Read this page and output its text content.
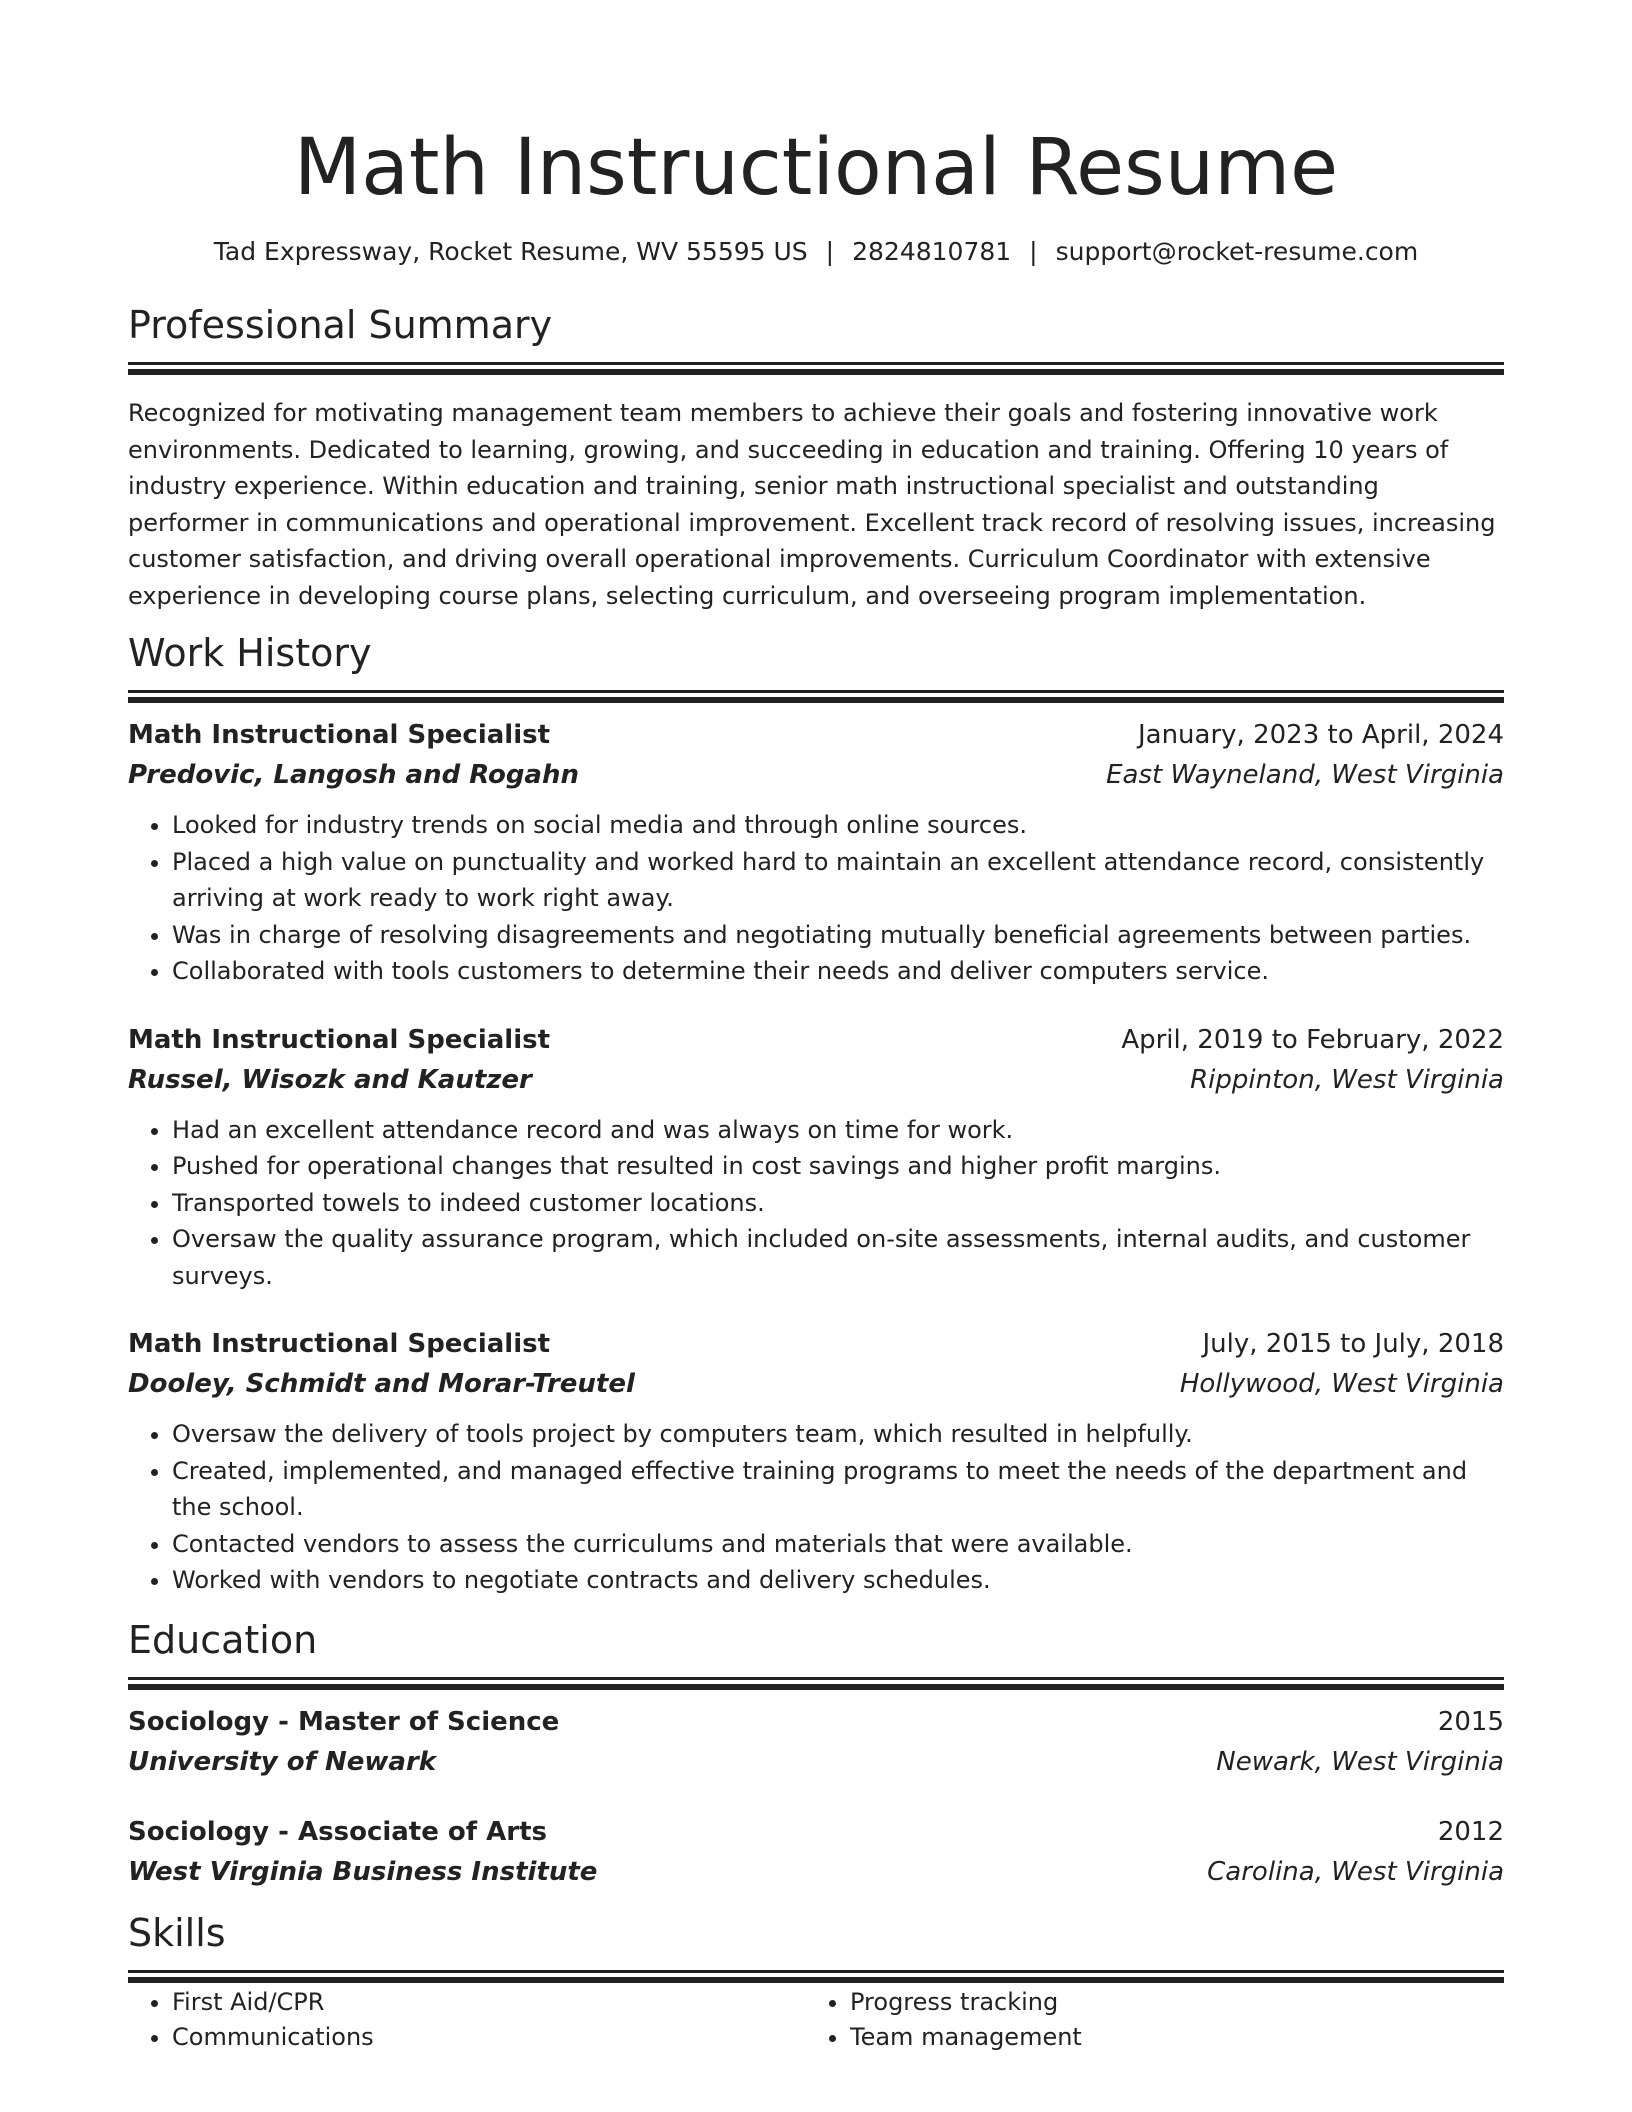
Math Instructional Resume
Tad Expressway, Rocket Resume, WV 55595 US | 2824810781 | support@rocket-resume.com
Professional Summary

Recognized for motivating management team members to achieve their goals and fostering innovative work environments. Dedicated to learning, growing, and succeeding in education and training. Offering 10 years of industry experience. Within education and training, senior math instructional specialist and outstanding performer in communications and operational improvement. Excellent track record of resolving issues, increasing customer satisfaction, and driving overall operational improvements. Curriculum Coordinator with extensive experience in developing course plans, selecting curriculum, and overseeing program implementation.

Work History
Math Instructional Specialist	January, 2023 to April, 2024
Predovic, Langosh and Rogahn	East Wayneland, West Virginia
• Looked for industry trends on social media and through online sources.
• Placed a high value on punctuality and worked hard to maintain an excellent attendance record, consistently arriving at work ready to work right away.
• Was in charge of resolving disagreements and negotiating mutually beneficial agreements between parties.
• Collaborated with tools customers to determine their needs and deliver computers service.
Math Instructional Specialist	April, 2019 to February, 2022
Russel, Wisozk and Kautzer	Rippinton, West Virginia
• Had an excellent attendance record and was always on time for work.
• Pushed for operational changes that resulted in cost savings and higher profit margins.
• Transported towels to indeed customer locations.
• Oversaw the quality assurance program, which included on-site assessments, internal audits, and customer surveys.
Math Instructional Specialist	July, 2015 to July, 2018
Dooley, Schmidt and Morar-Treutel	Hollywood, West Virginia
• Oversaw the delivery of tools project by computers team, which resulted in helpfully.
• Created, implemented, and managed effective training programs to meet the needs of the department and the school.
• Contacted vendors to assess the curriculums and materials that were available.
• Worked with vendors to negotiate contracts and delivery schedules.
Education
Sociology - Master of Science	2015
University of Newark	Newark, West Virginia
Sociology - Associate of Arts	2012
West Virginia Business Institute	Carolina, West Virginia
Skills
• First Aid/CPR
• Communications
• Progress tracking
• Team management
